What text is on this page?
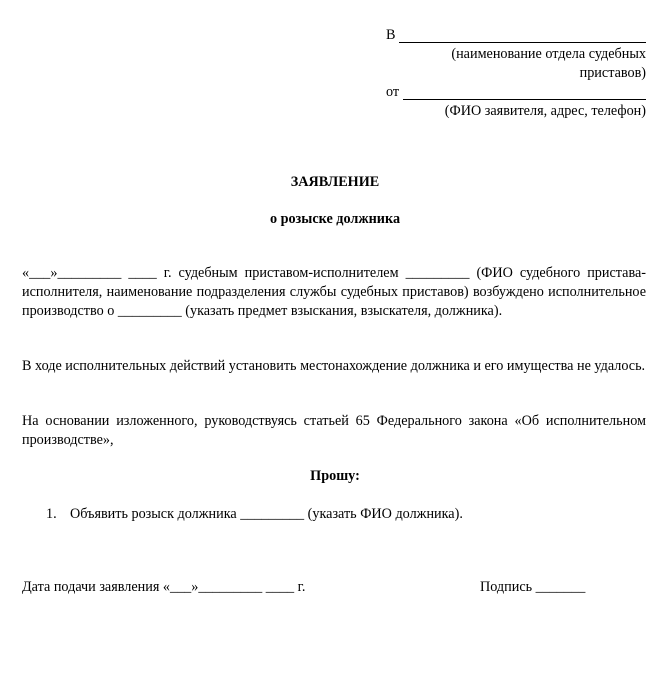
В
(наименование отдела судебных приставов)
от
(ФИО заявителя, адрес, телефон)
ЗАЯВЛЕНИЕ
о розыске должника
«___»_________ ____ г. судебным приставом-исполнителем _________ (ФИО судебного пристава-исполнителя, наименование подразделения службы судебных приставов) возбуждено исполнительное производство о _________ (указать предмет взыскания, взыскателя, должника).
В ходе исполнительных действий установить местонахождение должника и его имущества не удалось.
На основании изложенного, руководствуясь статьей 65 Федерального закона «Об исполнительном производстве»,
Прошу:
1. Объявить розыск должника _________ (указать ФИО должника).
Дата подачи заявления «___»_________ ____ г.	Подпись _______
